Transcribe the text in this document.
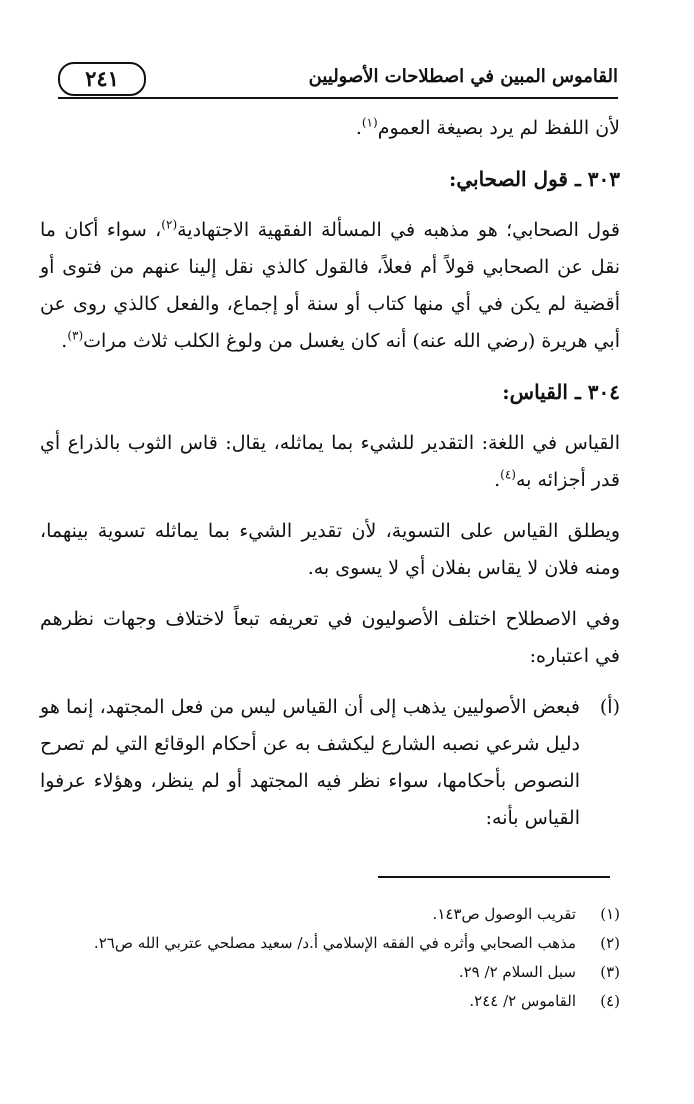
٢٤١	القاموس المبين في اصطلاحات الأصوليين

لأن اللفظ لم يرد بصيغة العموم$^{(١)}$.

٣٠٣ ـ قول الصحابي:

قول الصحابي؛ هو مذهبه في المسألة الفقهية الاجتهادية$^{(٢)}$، سواء أكان ما نقل عن الصحابي قولاً أم فعلاً، فالقول كالذي نقل إلينا عنهم من فتوى أو أقضية لم يكن في أي منها كتاب أو سنة أو إجماع، والفعل كالذي روى عن أبي هريرة (رضي الله عنه) أنه كان يغسل من ولوغ الكلب ثلاث مرات$^{(٣)}$.

٣٠٤ ـ القياس:

القياس في اللغة: التقدير للشيء بما يماثله، يقال: قاس الثوب بالذراع أي قدر أجزائه به$^{(٤)}$.

ويطلق القياس على التسوية، لأن تقدير الشيء بما يماثله تسوية بينهما، ومنه فلان لا يقاس بفلان أي لا يسوى به.

وفي الاصطلاح اختلف الأصوليون في تعريفه تبعاً لاختلاف وجهات نظرهم في اعتباره:

(أ)
فبعض الأصوليين يذهب إلى أن القياس ليس من فعل المجتهد، إنما هو دليل شرعي نصبه الشارع ليكشف به عن أحكام الوقائع التي لم تصرح النصوص بأحكامها، سواء نظر فيه المجتهد أو لم ينظر، وهؤلاء عرفوا القياس بأنه:

(١)
تقريب الوصول ص١٤٣.
(٢)
مذهب الصحابي وأثره في الفقه الإسلامي أ.د/ سعيد مصلحي عتربي الله ص٢٦.
(٣)
سبل السلام ٢/ ٢٩.
(٤)
القاموس ٢/ ٢٤٤.
